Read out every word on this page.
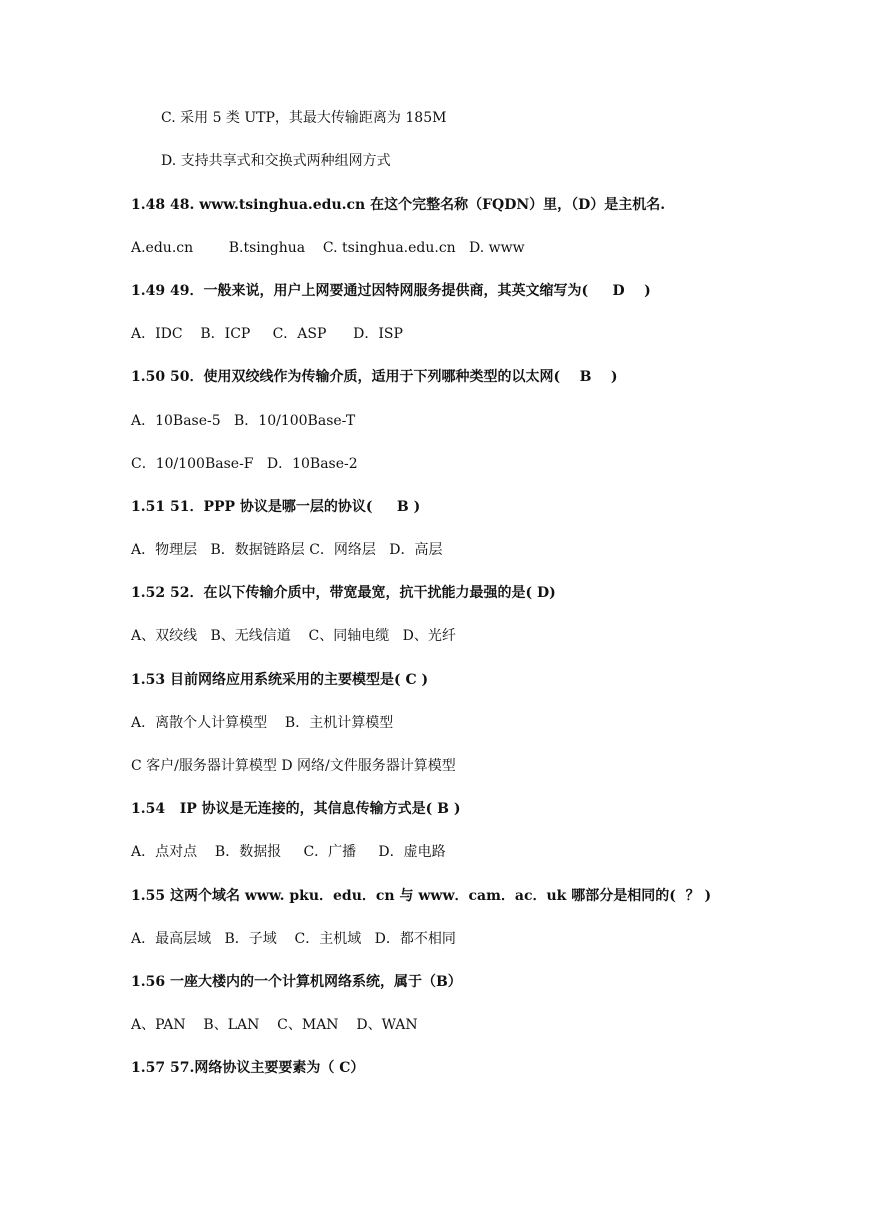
C. 采用 5 类 UTP，其最大传输距离为 185M
D. 支持共享式和交换式两种组网方式
1.48 48. www.tsinghua.edu.cn 在这个完整名称（FQDN）里，（D）是主机名.
A.edu.cn        B.tsinghua    C. tsinghua.edu.cn   D. www
1.49 49．一般来说，用户上网要通过因特网服务提供商，其英文缩写为(     D    )
A．IDC    B．ICP     C．ASP      D．ISP
1.50 50．使用双绞线作为传输介质，适用于下列哪种类型的以太网(    B    )
A．10Base-5   B．10/100Base-T
C．10/100Base-F   D．10Base-2
1.51 51．PPP 协议是哪一层的协议(     B )
A．物理层   B．数据链路层 C．网络层   D．高层
1.52 52．在以下传输介质中，带宽最宽，抗干扰能力最强的是( D)
A、双绞线   B、无线信道    C、同轴电缆   D、光纤
1.53 目前网络应用系统采用的主要模型是( C )
A．离散个人计算模型    B．主机计算模型
C 客户/服务器计算模型 D 网络/文件服务器计算模型
1.54   IP 协议是无连接的，其信息传输方式是( B )
A．点对点    B．数据报     C．广播     D．虚电路
1.55 这两个域名 www. pku．edu．cn 与 www．cam．ac．uk 哪部分是相同的(  ？ )
A．最高层域   B．子域    C．主机域   D．都不相同
1.56 一座大楼内的一个计算机网络系统，属于（B）
A、PAN    B、LAN    C、MAN    D、WAN
1.57 57.网络协议主要要素为（ C）
